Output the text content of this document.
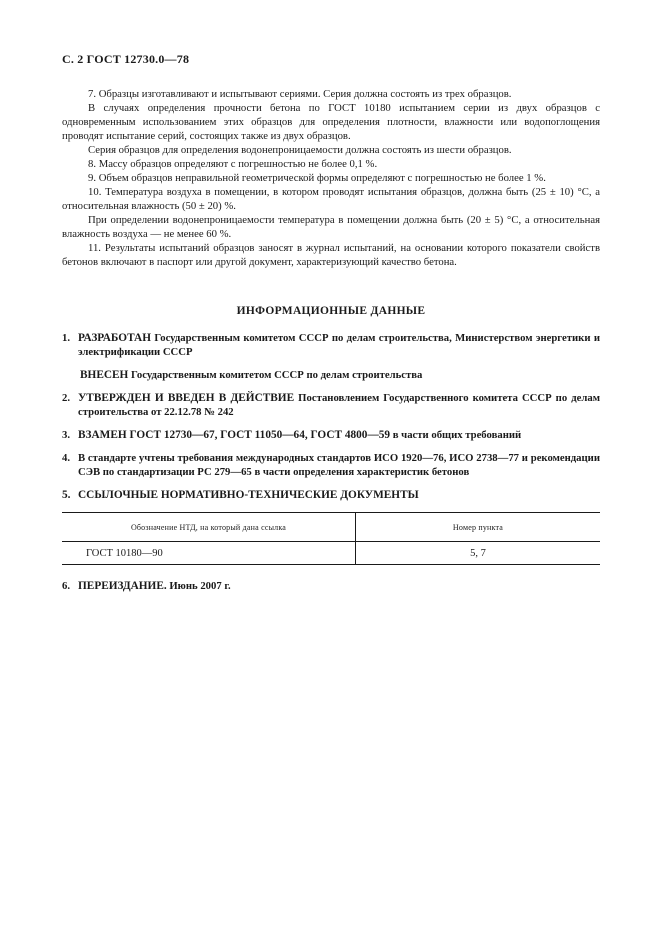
С. 2 ГОСТ 12730.0—78

7. Образцы изготавливают и испытывают сериями. Серия должна состоять из трех образцов.

В случаях определения прочности бетона по ГОСТ 10180 испытанием серии из двух образцов с одновременным использованием этих образцов для определения плотности, влажности или водопоглощения проводят испытание серий, состоящих также из двух образцов.

Серия образцов для определения водонепроницаемости должна состоять из шести образцов.

8. Массу образцов определяют с погрешностью не более 0,1 %.

9. Объем образцов неправильной геометрической формы определяют с погрешностью не более 1 %.

10. Температура воздуха в помещении, в котором проводят испытания образцов, должна быть (25 ± 10) °С, а относительная влажность (50 ± 20) %.

При определении водонепроницаемости температура в помещении должна быть (20 ± 5) °С, а относительная влажность воздуха — не менее 60 %.

11. Результаты испытаний образцов заносят в журнал испытаний, на основании которого показатели свойств бетонов включают в паспорт или другой документ, характеризующий качество бетона.

ИНФОРМАЦИОННЫЕ ДАННЫЕ
1. РАЗРАБОТАН Государственным комитетом СССР по делам строительства, Министерством энергетики и электрификации СССР
ВНЕСЕН Государственным комитетом СССР по делам строительства
2. УТВЕРЖДЕН И ВВЕДЕН В ДЕЙСТВИЕ Постановлением Государственного комитета СССР по делам строительства от 22.12.78 № 242
3. ВЗАМЕН ГОСТ 12730—67, ГОСТ 11050—64, ГОСТ 4800—59 в части общих требований
4. В стандарте учтены требования международных стандартов ИСО 1920—76, ИСО 2738—77 и рекомендации СЭВ по стандартизации РС 279—65 в части определения характеристик бетонов
5. ССЫЛОЧНЫЕ НОРМАТИВНО-ТЕХНИЧЕСКИЕ ДОКУМЕНТЫ
Обозначение НТД, на который дана ссылка	Номер пункта
ГОСТ 10180—90	5, 7
6. ПЕРЕИЗДАНИЕ. Июнь 2007 г.
